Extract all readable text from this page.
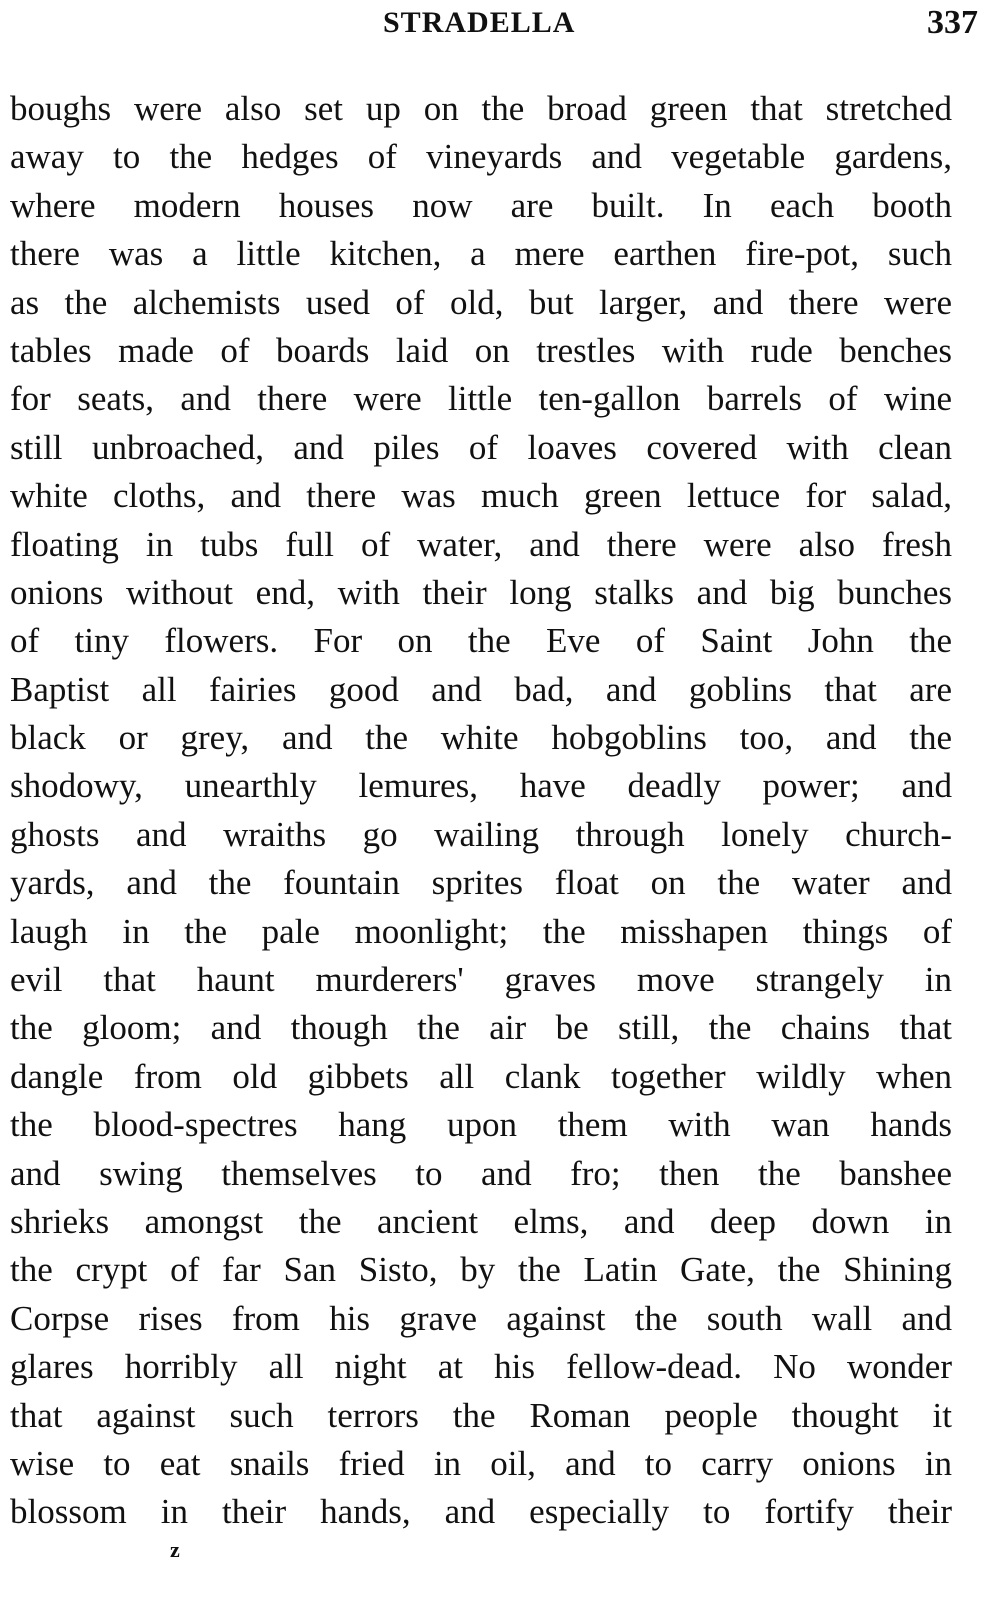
STRADELLA	337
boughs were also set up on the broad green that stretched
away to the hedges of vineyards and vegetable gardens,
where modern houses now are built. In each booth
there was a little kitchen, a mere earthen fire-pot, such
as the alchemists used of old, but larger, and there were
tables made of boards laid on trestles with rude benches
for seats, and there were little ten-gallon barrels of wine
still unbroached, and piles of loaves covered with clean
white cloths, and there was much green lettuce for salad,
floating in tubs full of water, and there were also fresh
onions without end, with their long stalks and big bunches
of tiny flowers. For on the Eve of Saint John the
Baptist all fairies good and bad, and goblins that are
black or grey, and the white hobgoblins too, and the
shodowy, unearthly lemures, have deadly power; and
ghosts and wraiths go wailing through lonely church-
yards, and the fountain sprites float on the water and
laugh in the pale moonlight; the misshapen things of
evil that haunt murderers' graves move strangely in
the gloom; and though the air be still, the chains that
dangle from old gibbets all clank together wildly when
the blood-spectres hang upon them with wan hands
and swing themselves to and fro; then the banshee
shrieks amongst the ancient elms, and deep down in
the crypt of far San Sisto, by the Latin Gate, the Shining
Corpse rises from his grave against the south wall and
glares horribly all night at his fellow-dead. No wonder
that against such terrors the Roman people thought it
wise to eat snails fried in oil, and to carry onions in
blossom in their hands, and especially to fortify their
z
